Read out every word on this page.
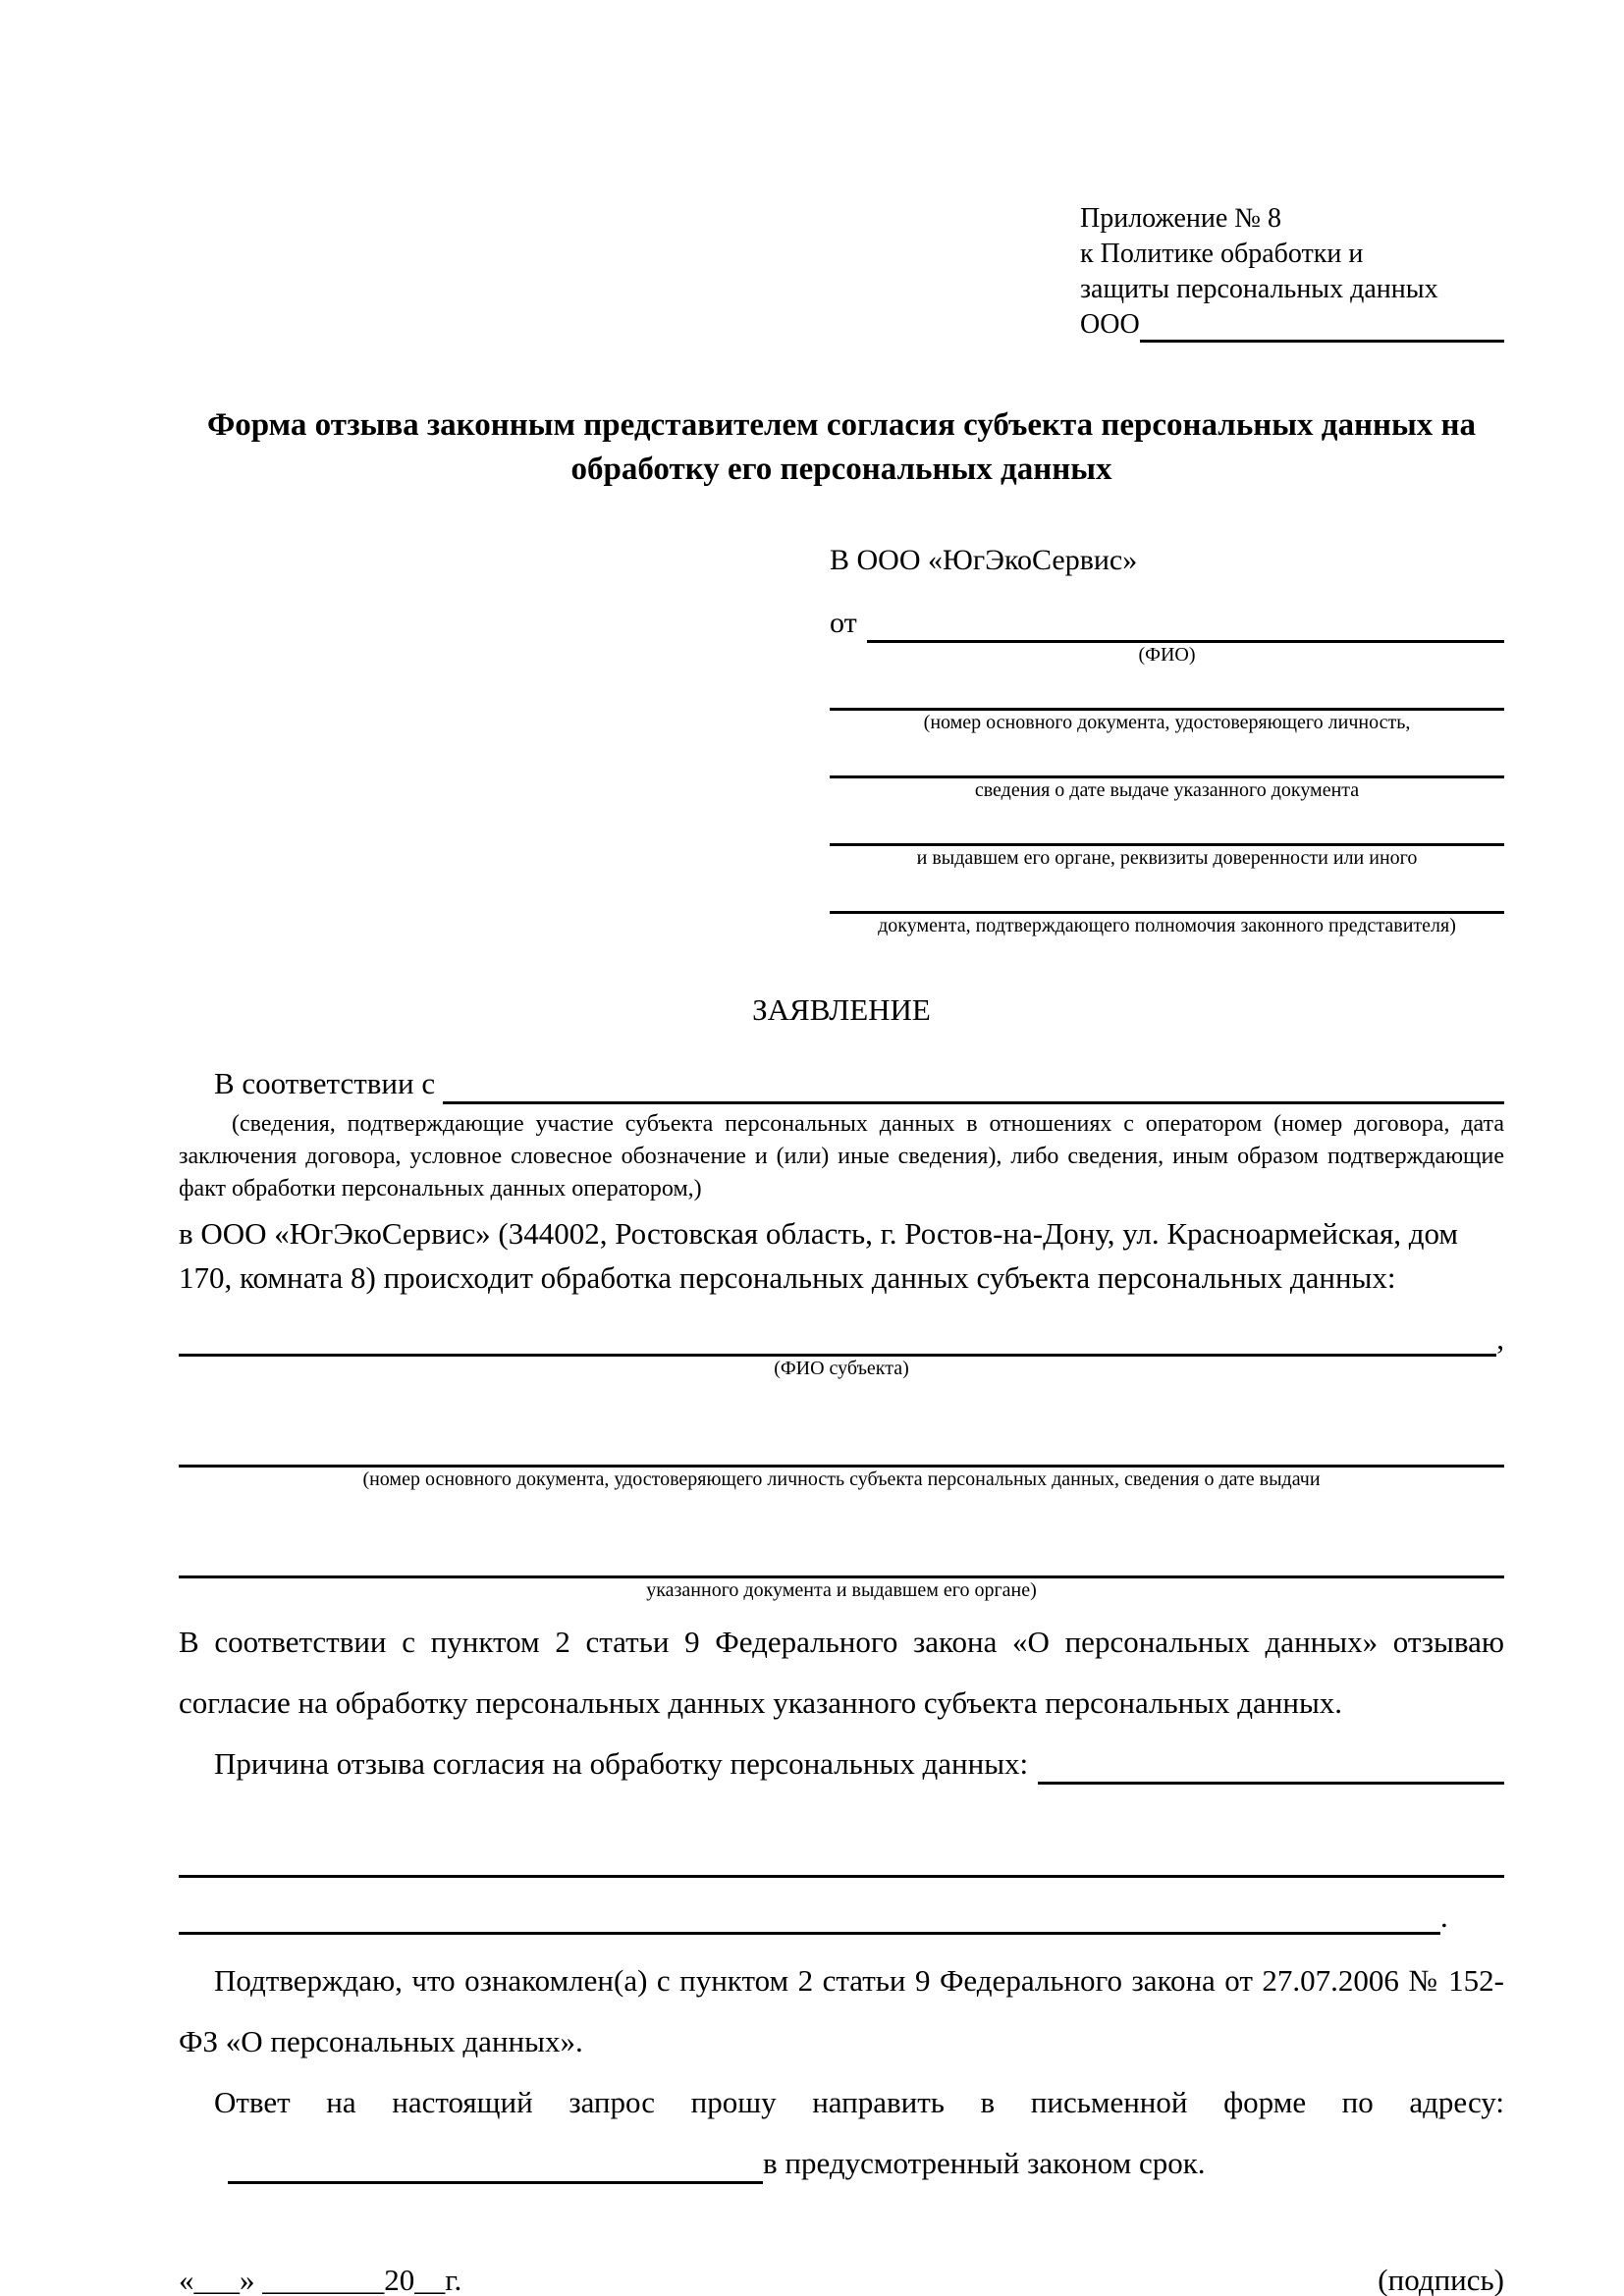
Приложение № 8
к Политике обработки и
защиты персональных данных
ООО
Форма отзыва законным представителем согласия субъекта персональных данных на обработку его персональных данных
В ООО «ЮгЭкоСервис»
от
(ФИО)
(номер основного документа, удостоверяющего личность,
сведения о дате выдаче указанного документа
и выдавшем его органе, реквизиты доверенности или иного
документа, подтверждающего полномочия законного представителя)
ЗАЯВЛЕНИЕ
В соответствии с
(сведения, подтверждающие участие субъекта персональных данных в отношениях с оператором (номер договора, дата заключения договора, условное словесное обозначение и (или) иные сведения), либо сведения, иным образом подтверждающие факт обработки персональных данных оператором,)

в ООО «ЮгЭкоСервис» (344002, Ростовская область, г. Ростов-на-Дону, ул. Красноармейская, дом 170, комната 8) происходит обработка персональных данных субъекта персональных данных:

,
(ФИО субъекта)
(номер основного документа, удостоверяющего личность субъекта персональных данных, сведения о дате выдачи
указанного документа и выдавшем его органе)

В соответствии с пунктом 2 статьи 9 Федерального закона «О персональных данных» отзываю согласие на обработку персональных данных указанного субъекта персональных данных.

Причина отзыва согласия на обработку персональных данных:
.

Подтверждаю, что ознакомлен(а) с пунктом 2 статьи 9 Федерального закона от 27.07.2006 № 152-ФЗ «О персональных данных».

Ответ на настоящий запрос прошу направить в письменной форме по адресу:

в предусмотренный законом срок.
«___» ________20__г.	(подпись)
